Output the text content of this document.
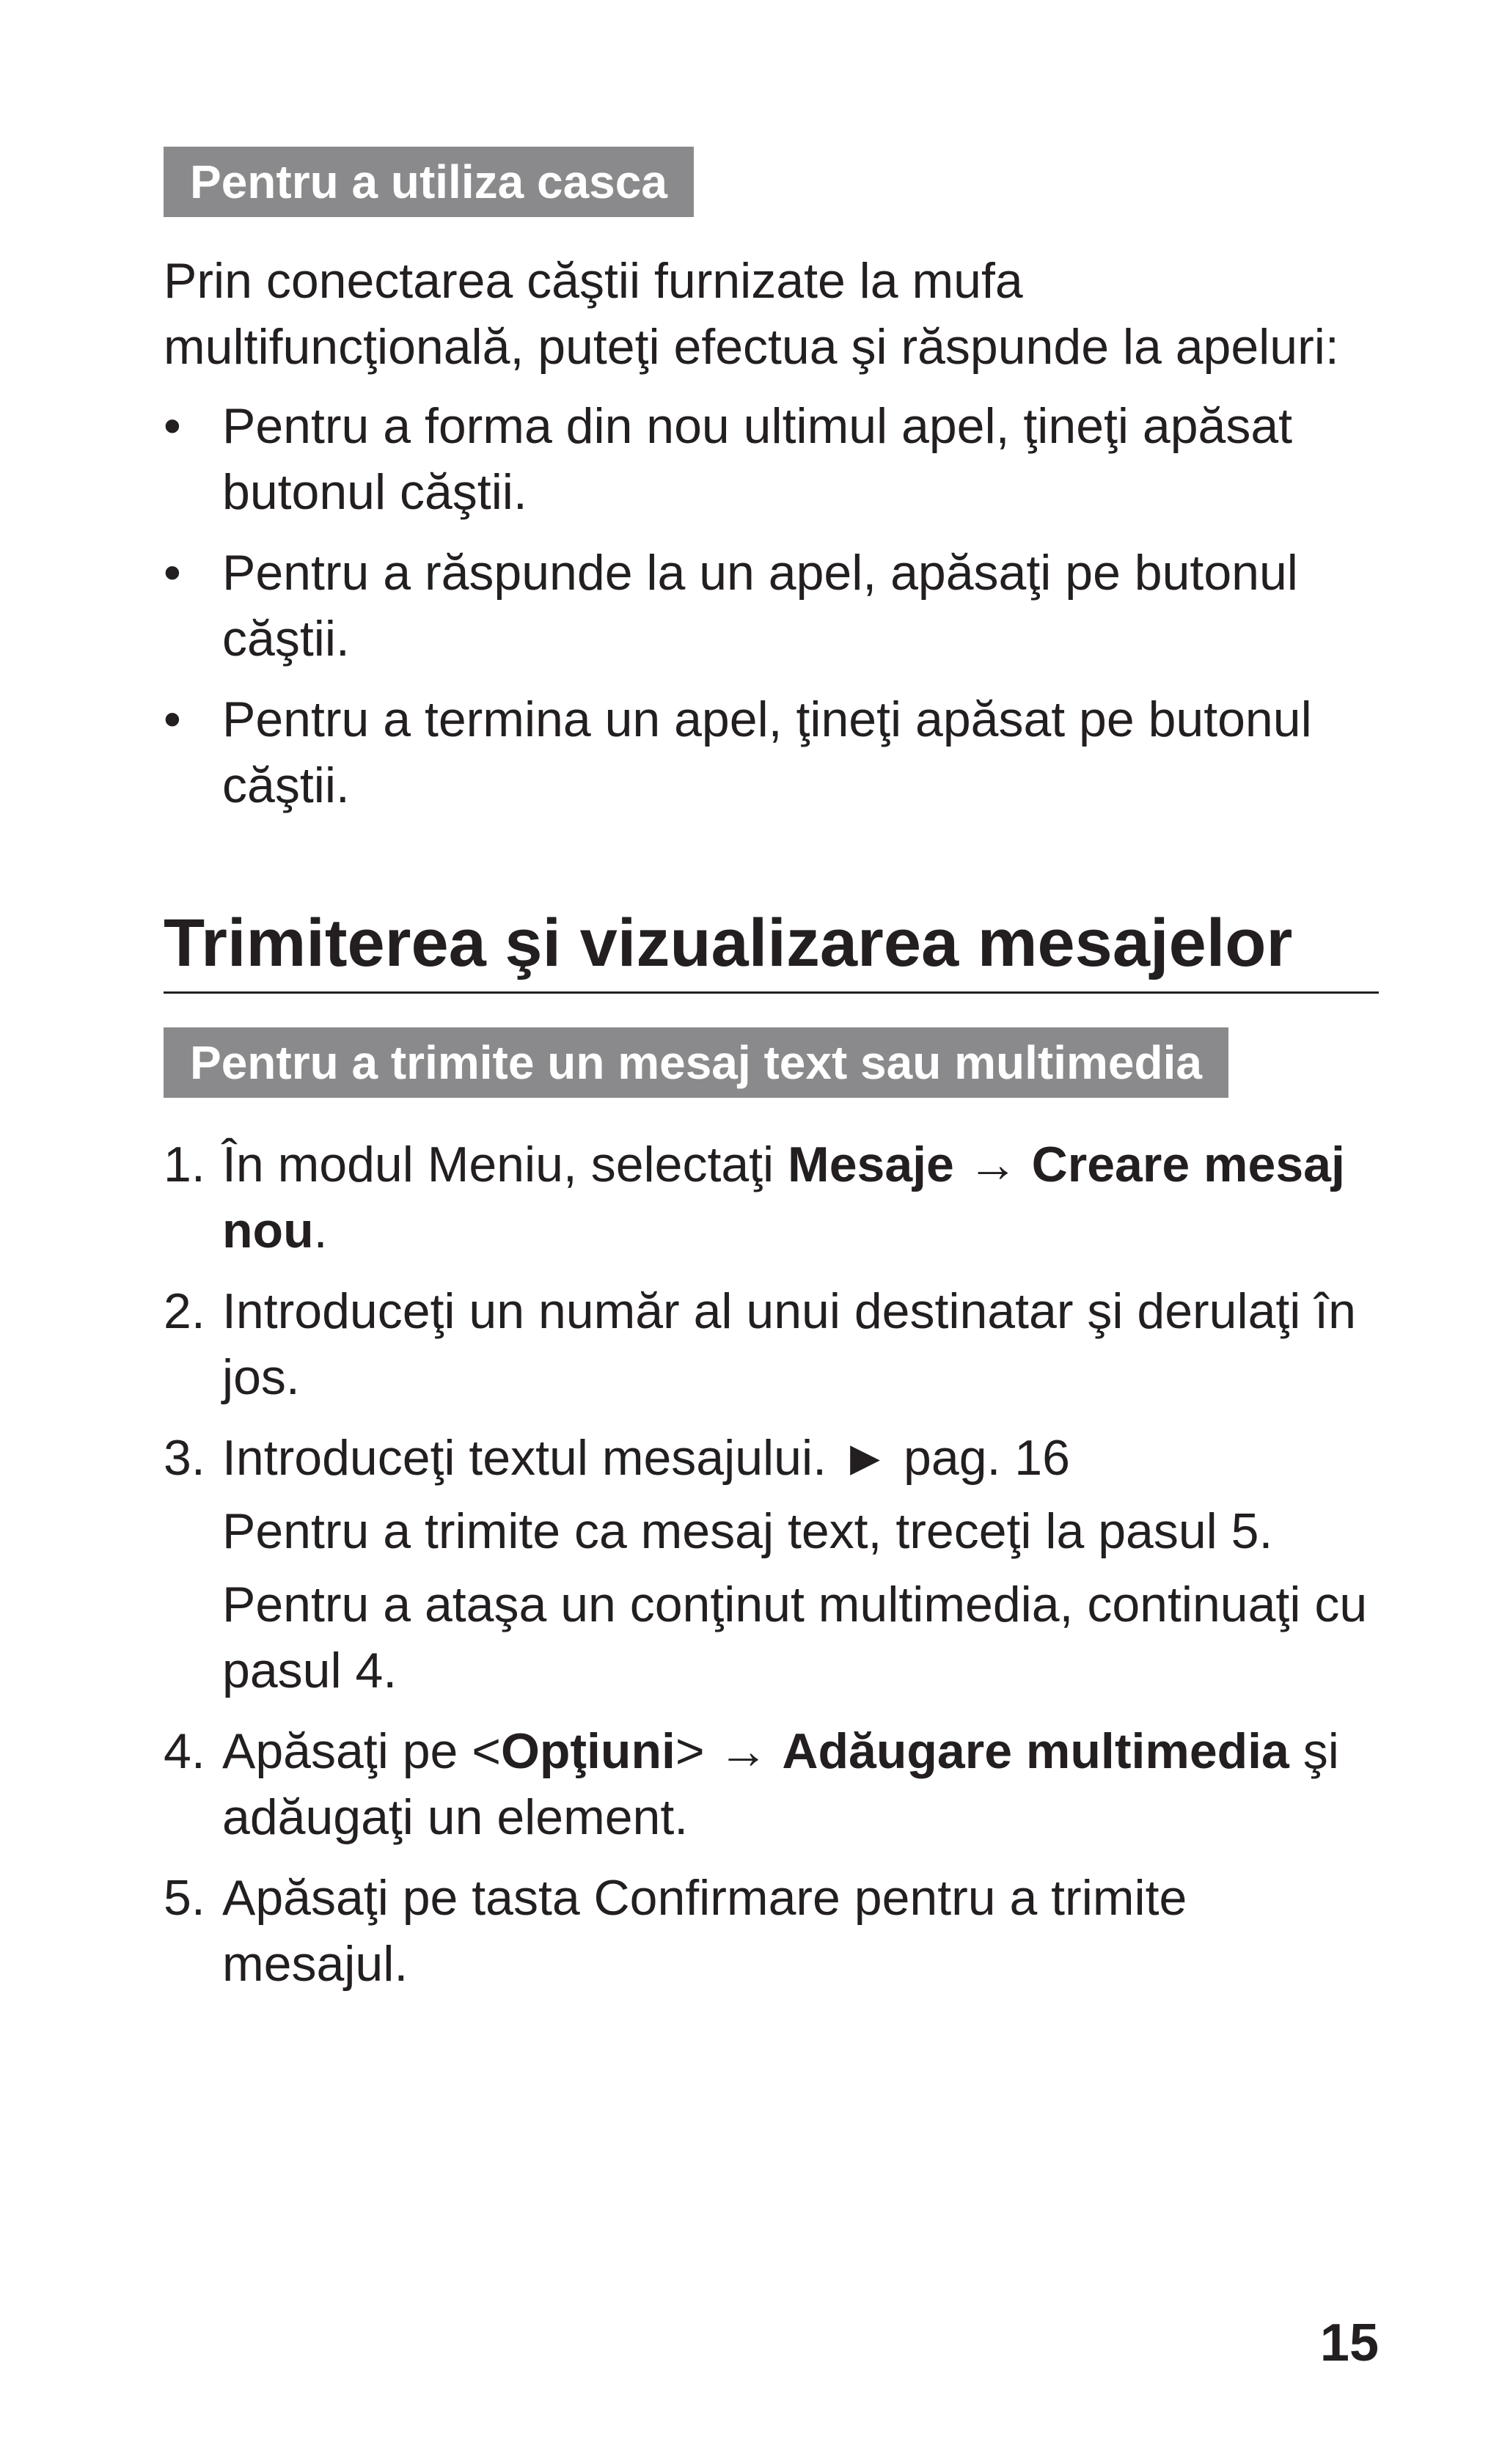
Pentru a utiliza casca

Prin conectarea căştii furnizate la mufa multifuncţională, puteţi efectua şi răspunde la apeluri:

• Pentru a forma din nou ultimul apel, ţineţi apăsat butonul căştii.
• Pentru a răspunde la un apel, apăsaţi pe butonul căştii.
• Pentru a termina un apel, ţineţi apăsat pe butonul căştii.
Trimiterea şi vizualizarea mesajelor
Pentru a trimite un mesaj text sau multimedia
1. În modul Meniu, selectaţi Mesaje → Creare mesaj nou.
2. Introduceţi un număr al unui destinatar şi derulaţi în jos.
3. Introduceţi textul mesajului. ► pag. 16
Pentru a trimite ca mesaj text, treceţi la pasul 5.
Pentru a ataşa un conţinut multimedia, continuaţi cu pasul 4.
4. Apăsaţi pe <Opţiuni> → Adăugare multimedia şi adăugaţi un element.
5. Apăsaţi pe tasta Confirmare pentru a trimite mesajul.
15
